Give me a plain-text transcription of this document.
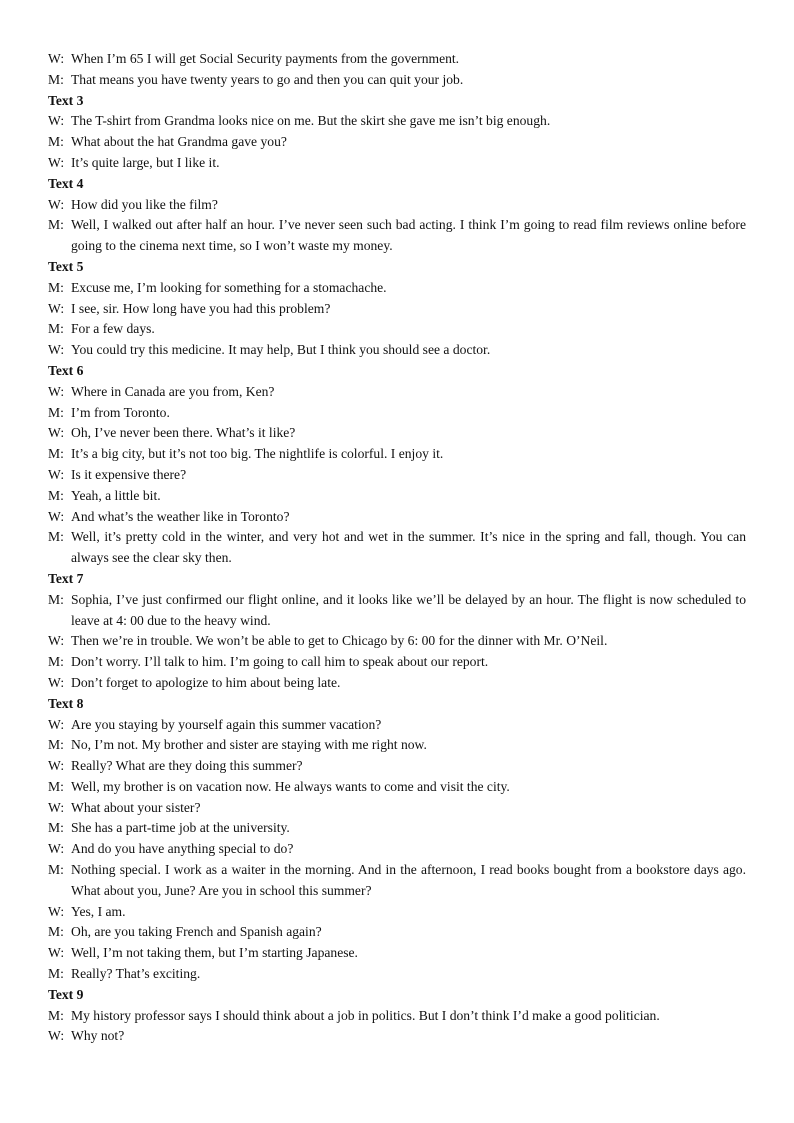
W: When I’m 65 I will get Social Security payments from the government.
M: That means you have twenty years to go and then you can quit your job.
Text 3
W: The T-shirt from Grandma looks nice on me. But the skirt she gave me isn’t big enough.
M: What about the hat Grandma gave you?
W: It’s quite large, but I like it.
Text 4
W: How did you like the film?
M: Well, I walked out after half an hour. I’ve never seen such bad acting. I think I’m going to read film reviews online before going to the cinema next time, so I won’t waste my money.
Text 5
M: Excuse me, I’m looking for something for a stomachache.
W: I see, sir. How long have you had this problem?
M: For a few days.
W: You could try this medicine. It may help, But I think you should see a doctor.
Text 6
W: Where in Canada are you from, Ken?
M: I’m from Toronto.
W: Oh, I’ve never been there. What’s it like?
M: It’s a big city, but it’s not too big. The nightlife is colorful. I enjoy it.
W: Is it expensive there?
M: Yeah, a little bit.
W: And what’s the weather like in Toronto?
M: Well, it’s pretty cold in the winter, and very hot and wet in the summer. It’s nice in the spring and fall, though. You can always see the clear sky then.
Text 7
M: Sophia, I’ve just confirmed our flight online, and it looks like we’ll be delayed by an hour. The flight is now scheduled to leave at 4: 00 due to the heavy wind.
W: Then we’re in trouble. We won’t be able to get to Chicago by 6: 00 for the dinner with Mr. O’Neil.
M: Don’t worry. I’ll talk to him. I’m going to call him to speak about our report.
W: Don’t forget to apologize to him about being late.
Text 8
W: Are you staying by yourself again this summer vacation?
M: No, I’m not. My brother and sister are staying with me right now.
W: Really? What are they doing this summer?
M: Well, my brother is on vacation now. He always wants to come and visit the city.
W: What about your sister?
M: She has a part-time job at the university.
W: And do you have anything special to do?
M: Nothing special. I work as a waiter in the morning. And in the afternoon, I read books bought from a bookstore days ago. What about you, June? Are you in school this summer?
W: Yes, I am.
M: Oh, are you taking French and Spanish again?
W: Well, I’m not taking them, but I’m starting Japanese.
M: Really? That’s exciting.
Text 9
M: My history professor says I should think about a job in politics. But I don’t think I’d make a good politician.
W: Why not?
